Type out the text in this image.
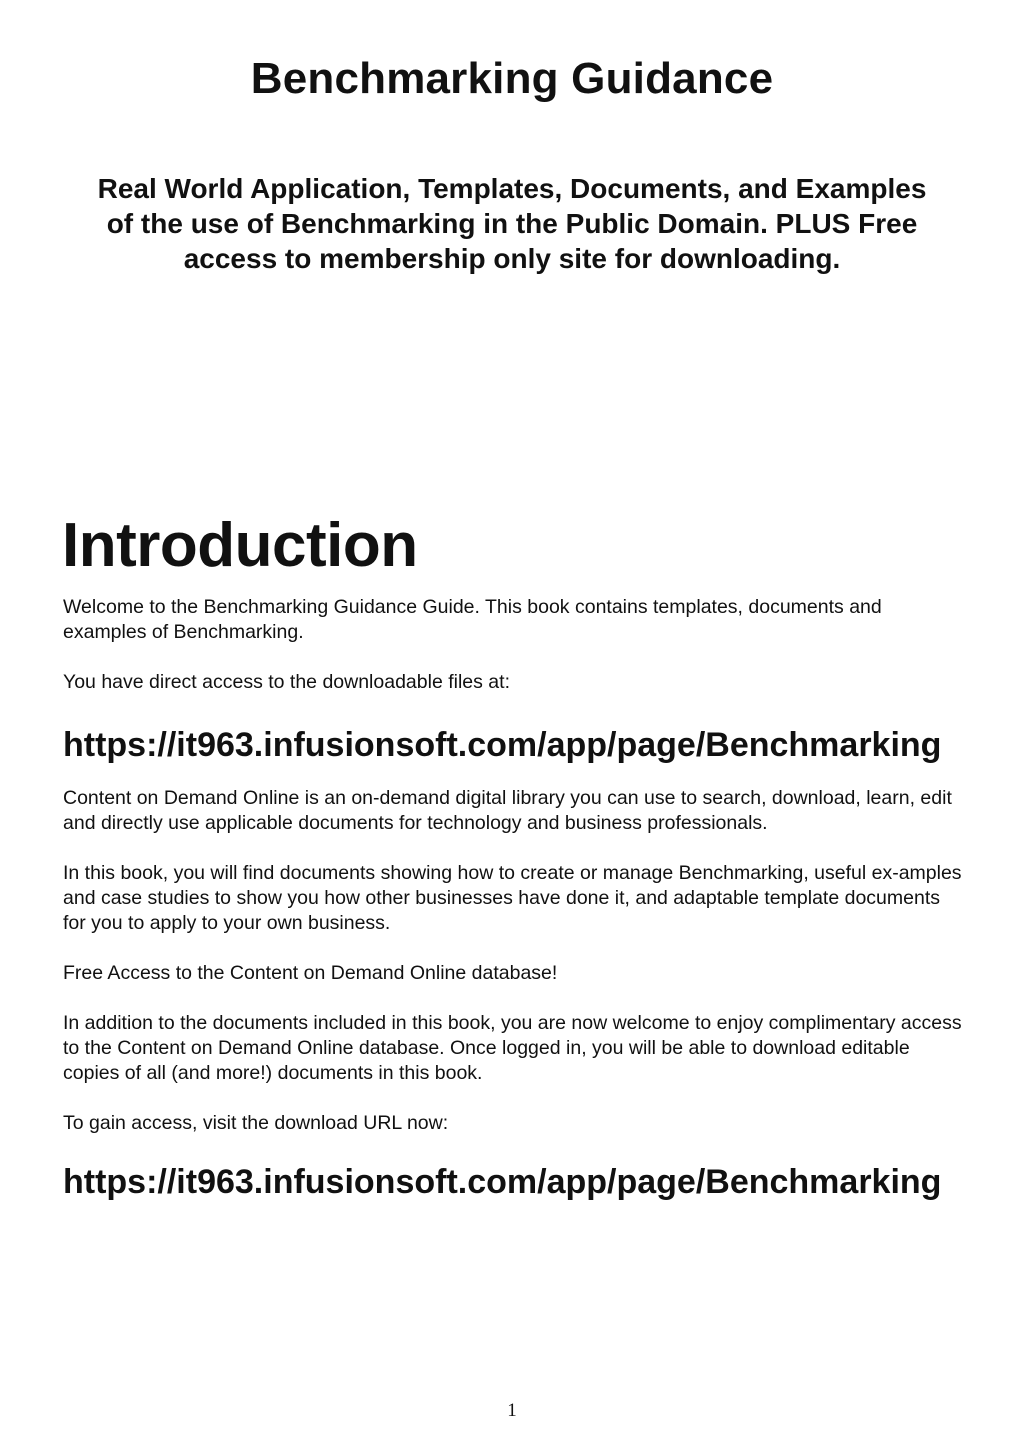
Benchmarking Guidance
Real World Application, Templates, Documents, and Examples
of the use of Benchmarking in the Public Domain. PLUS Free
access to membership only site for downloading.
Introduction

Welcome to the Benchmarking Guidance Guide. This book contains templates, documents and examples of Benchmarking.

You have direct access to the downloadable files at:

https://it963.infusionsoft.com/app/page/Benchmarking

Content on Demand Online is an on-demand digital library you can use to search, download, learn, edit and directly use applicable documents for technology and business professionals.

In this book, you will find documents showing how to create or manage Benchmarking, useful ex-amples and case studies to show you how other businesses have done it, and adaptable template documents for you to apply to your own business.

Free Access to the Content on Demand Online database!

In addition to the documents included in this book, you are now welcome to enjoy complimentary access to the Content on Demand Online database. Once logged in, you will be able to download editable copies of all (and more!) documents in this book.

To gain access, visit the download URL now:

https://it963.infusionsoft.com/app/page/Benchmarking

1
